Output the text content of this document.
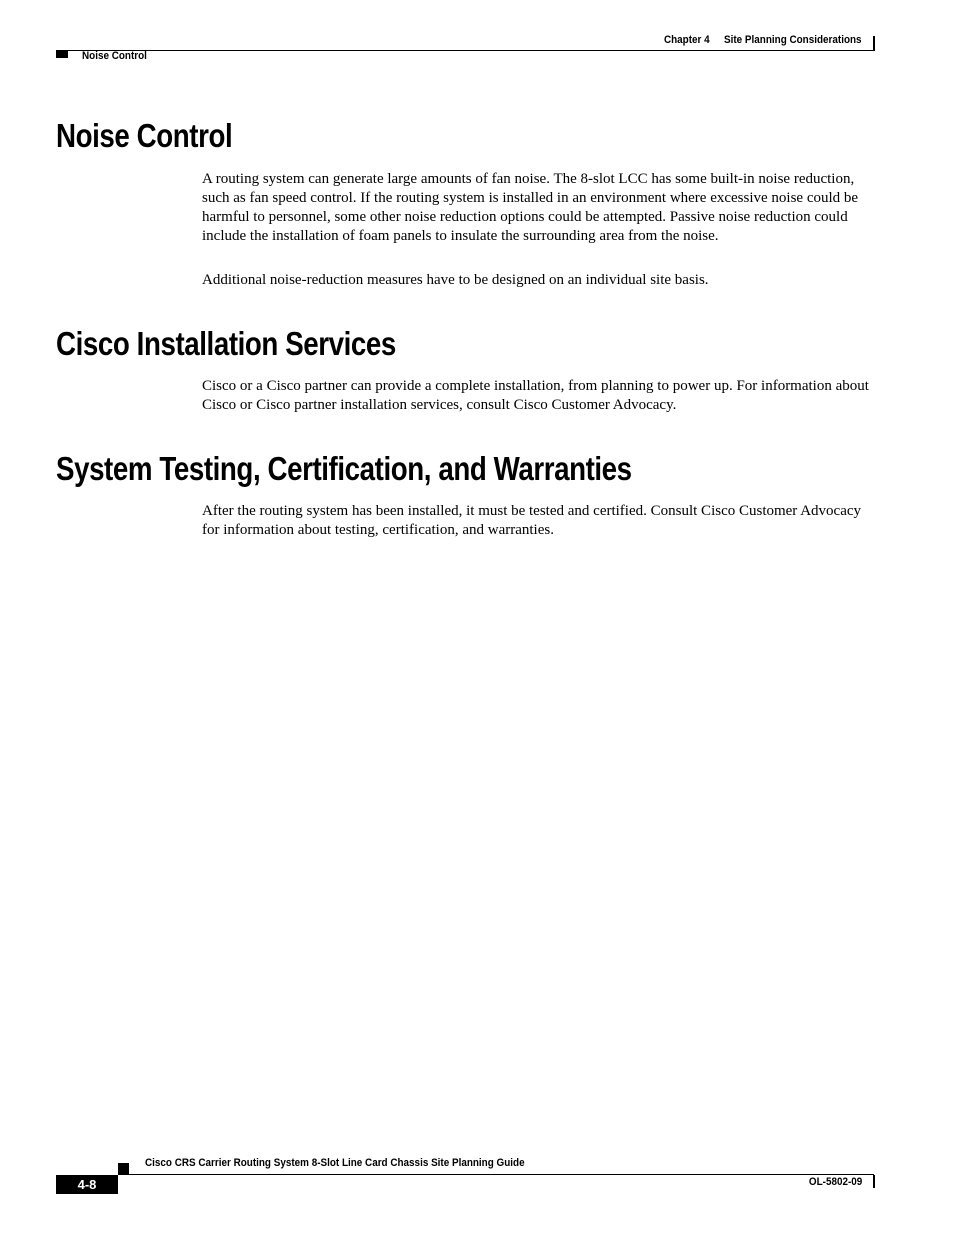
Chapter 4 Site Planning Considerations
Noise Control
Noise Control

A routing system can generate large amounts of fan noise. The 8-slot LCC has some built-in noise reduction, such as fan speed control. If the routing system is installed in an environment where excessive noise could be harmful to personnel, some other noise reduction options could be attempted. Passive noise reduction could include the installation of foam panels to insulate the surrounding area from the noise.

Additional noise-reduction measures have to be designed on an individual site basis.

Cisco Installation Services

Cisco or a Cisco partner can provide a complete installation, from planning to power up. For information about Cisco or Cisco partner installation services, consult Cisco Customer Advocacy.

System Testing, Certification, and Warranties

After the routing system has been installed, it must be tested and certified. Consult Cisco Customer Advocacy for information about testing, certification, and warranties.

Cisco CRS Carrier Routing System 8-Slot Line Card Chassis Site Planning Guide
4-8	OL-5802-09
